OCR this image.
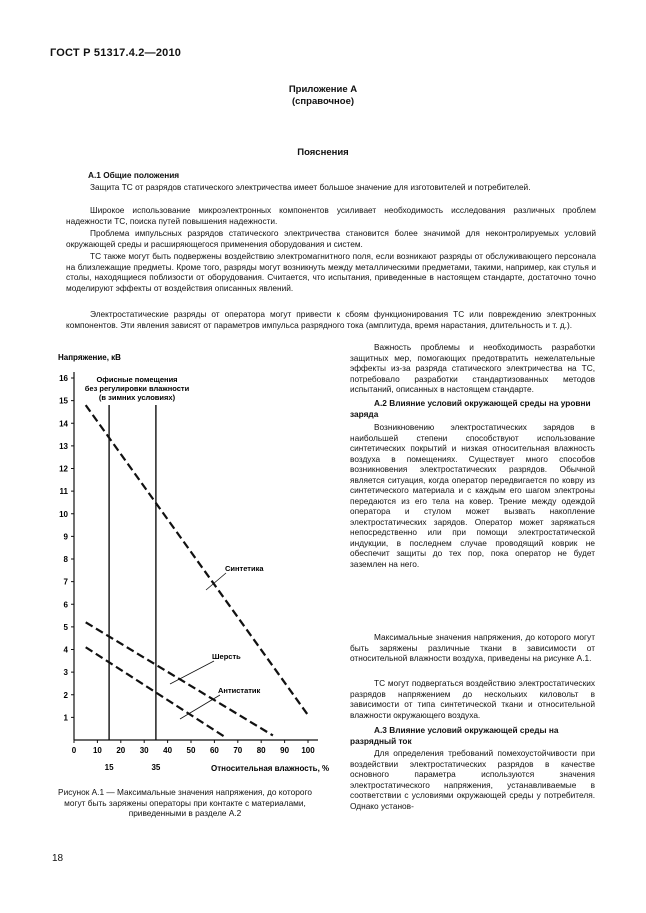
ГОСТ Р 51317.4.2—2010
Приложение А
(справочное)
Пояснения

А.1 Общие положения

Защита ТС от разрядов статического электричества имеет большое значение для изготовителей и потребителей.

Широкое использование микроэлектронных компонентов усиливает необходимость исследования различных проблем надежности ТС, поиска путей повышения надежности.

Проблема импульсных разрядов статического электричества становится более значимой для неконтролируемых условий окружающей среды и расширяющегося применения оборудования и систем.

ТС также могут быть подвержены воздействию электромагнитного поля, если возникают разряды от обслуживающего персонала на близлежащие предметы. Кроме того, разряды могут возникнуть между металлическими предметами, такими, например, как стулья и столы, находящиеся поблизости от оборудования. Считается, что испытания, приведенные в настоящем стандарте, достаточно точно моделируют эффекты от воздействия описанных явлений.

Электростатические разряды от оператора могут привести к сбоям функционирования ТС или повреждению электронных компонентов. Эти явления зависят от параметров импульса разрядного тока (амплитуда, время нарастания, длительность и т. д.).

Важность проблемы и необходимость разработки защитных мер, помогающих предотвратить нежелательные эффекты из-за разряда статического электричества на ТС, потребовало разработки стандартизованных методов испытаний, описанных в настоящем стандарте.

А.2 Влияние условий окружающей среды на уровни заряда

Возникновению электростатических зарядов в наибольшей степени способствуют использование синтетических покрытий и низкая относительная влажность воздуха в помещениях. Существует много способов возникновения электростатических разрядов. Обычной является ситуация, когда оператор передвигается по ковру из синтетического материала и с каждым его шагом электроны передаются из его тела на ковер. Трение между одеждой оператора и стулом может вызвать накопление электростатических зарядов. Оператор может заряжаться непосредственно или при помощи электростатической индукции, в последнем случае проводящий коврик не обеспечит защиты до тех пор, пока оператор не будет заземлен на него.

Максимальные значения напряжения, до которого могут быть заряжены различные ткани в зависимости от относительной влажности воздуха, приведены на рисунке А.1.

ТС могут подвергаться воздействию электростатических разрядов напряжением до нескольких киловольт в зависимости от типа синтетической ткани и относительной влажности окружающего воздуха.

А.3 Влияние условий окружающей среды на разрядный ток

Для определения требований помехоустойчивости при воздействии электростатических разрядов в качестве основного параметра используются значения электростатического напряжения, устанавливаемые в соответствии с условиями окружающей среды у потребителя. Однако установ-

Напряжение, кВ
1
2
3
4
5
6
7
8
9
10
11
12
13
14
15
16
0 10 20 30 40 50 60 70 80 90 100
15	35
Офисные помещения
без регулировки влажности
(в зимних условиях)
Синтетика
Шерсть
Антистатик
Относительная влажность, %

Рисунок А.1 — Максимальные значения напряжения, до которого могут быть заряжены операторы при контакте с материалами, приведенными в разделе А.2

18
